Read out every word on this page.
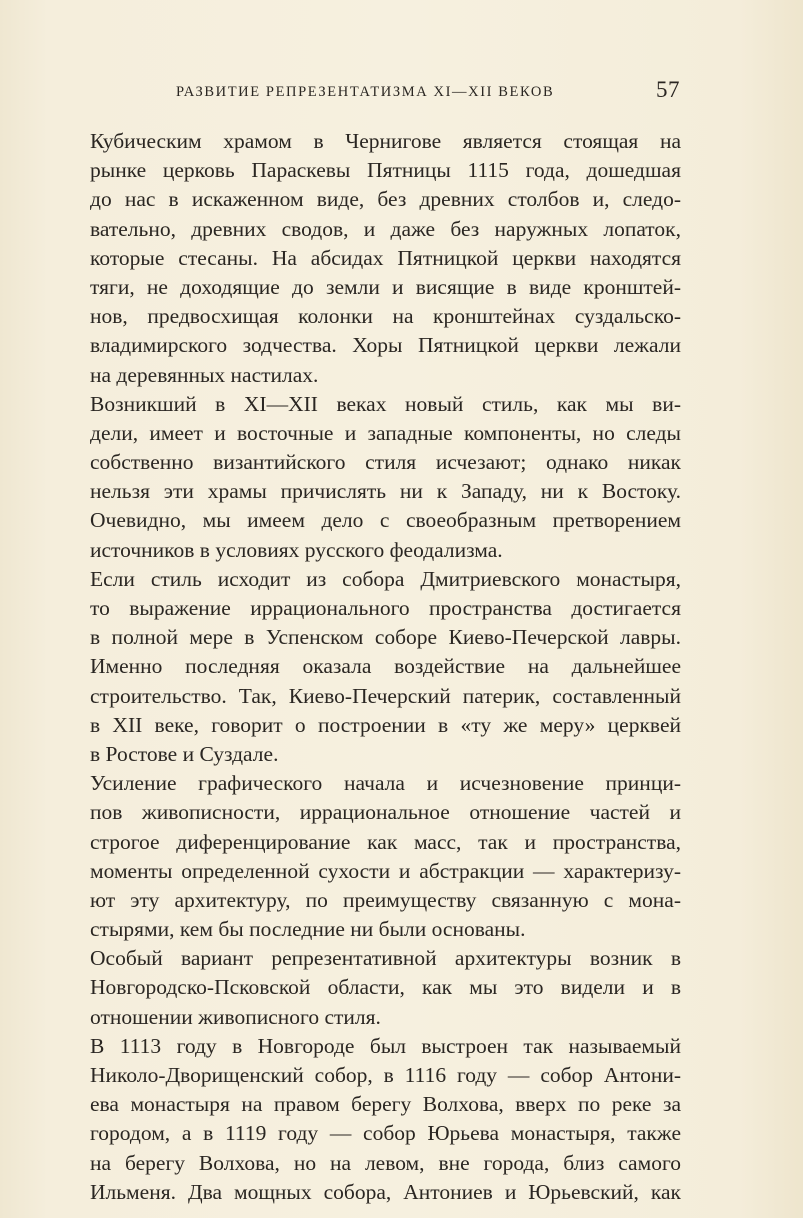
РАЗВИТИЕ РЕПРЕЗЕНТАТИЗМА XI—XII ВЕКОВ	57

Кубическим храмом в Чернигове является стоящая на
рынке церковь Параскевы Пятницы 1115 года, дошедшая
до нас в искаженном виде, без древних столбов и, следо-
вательно, древних сводов, и даже без наружных лопаток,
которые стесаны. На абсидах Пятницкой церкви находятся
тяги, не доходящие до земли и висящие в виде кронштей-
нов, предвосхищая колонки на кронштейнах суздальско-
владимирского зодчества. Хоры Пятницкой церкви лежали
на деревянных настилах.

Возникший в XI—XII веках новый стиль, как мы ви-
дели, имеет и восточные и западные компоненты, но следы
собственно византийского стиля исчезают; однако никак
нельзя эти храмы причислять ни к Западу, ни к Востоку.
Очевидно, мы имеем дело с своеобразным претворением
источников в условиях русского феодализма.

Если стиль исходит из собора Дмитриевского монастыря,
то выражение иррационального пространства достигается
в полной мере в Успенском соборе Киево-Печерской лавры.
Именно последняя оказала воздействие на дальнейшее
строительство. Так, Киево-Печерский патерик, составленный
в XII веке, говорит о построении в «ту же меру» церквей
в Ростове и Суздале.

Усиление графического начала и исчезновение принци-
пов живописности, иррациональное отношение частей и
строгое диференцирование как масс, так и пространства,
моменты определенной сухости и абстракции — характеризу-
ют эту архитектуру, по преимуществу связанную с мона-
стырями, кем бы последние ни были основаны.

Особый вариант репрезентативной архитектуры возник в
Новгородско-Псковской области, как мы это видели и в
отношении живописного стиля.

В 1113 году в Новгороде был выстроен так называемый
Николо-Дворищенский собор, в 1116 году — собор Антони-
ева монастыря на правом берегу Волхова, вверх по реке за
городом, а в 1119 году — собор Юрьева монастыря, также
на берегу Волхова, но на левом, вне города, близ самого
Ильменя. Два мощных собора, Антониев и Юрьевский, как
